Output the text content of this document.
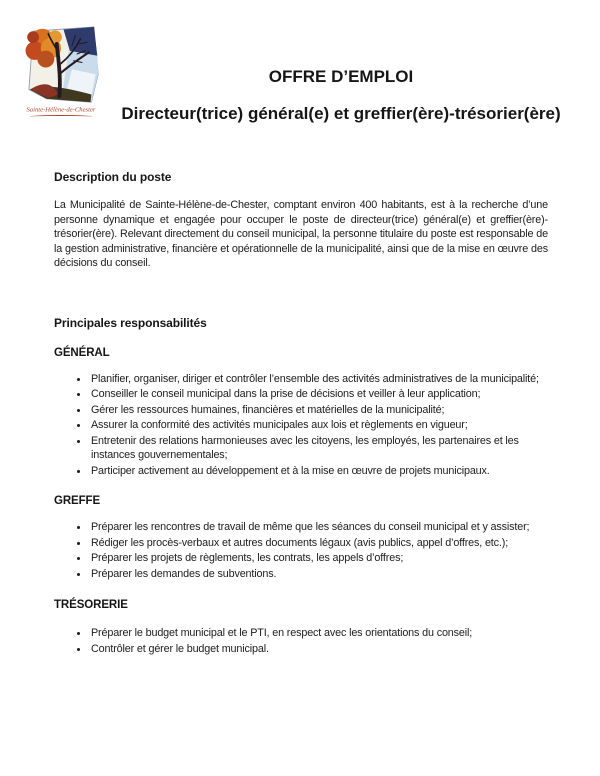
Sainte-Hélène-de-Chester
OFFRE D’EMPLOI
Directeur(trice) général(e) et greffier(ère)-trésorier(ère)
Description du poste

La Municipalité de Sainte-Hélène-de-Chester, comptant environ 400 habitants, est à la recherche d’une personne dynamique et engagée pour occuper le poste de directeur(trice) général(e) et greffier(ère)-trésorier(ère). Relevant directement du conseil municipal, la personne titulaire du poste est responsable de la gestion administrative, financière et opérationnelle de la municipalité, ainsi que de la mise en œuvre des décisions du conseil.

Principales responsabilités
GÉNÉRAL
• Planifier, organiser, diriger et contrôler l’ensemble des activités administratives de la municipalité;
• Conseiller le conseil municipal dans la prise de décisions et veiller à leur application;
• Gérer les ressources humaines, financières et matérielles de la municipalité;
• Assurer la conformité des activités municipales aux lois et règlements en vigueur;
• Entretenir des relations harmonieuses avec les citoyens, les employés, les partenaires et les instances gouvernementales;
• Participer activement au développement et à la mise en œuvre de projets municipaux.
GREFFE
• Préparer les rencontres de travail de même que les séances du conseil municipal et y assister;
• Rédiger les procès-verbaux et autres documents légaux (avis publics, appel d’offres, etc.);
• Préparer les projets de règlements, les contrats, les appels d’offres;
• Préparer les demandes de subventions.
TRÉSORERIE
• Préparer le budget municipal et le PTI, en respect avec les orientations du conseil;
• Contrôler et gérer le budget municipal.
